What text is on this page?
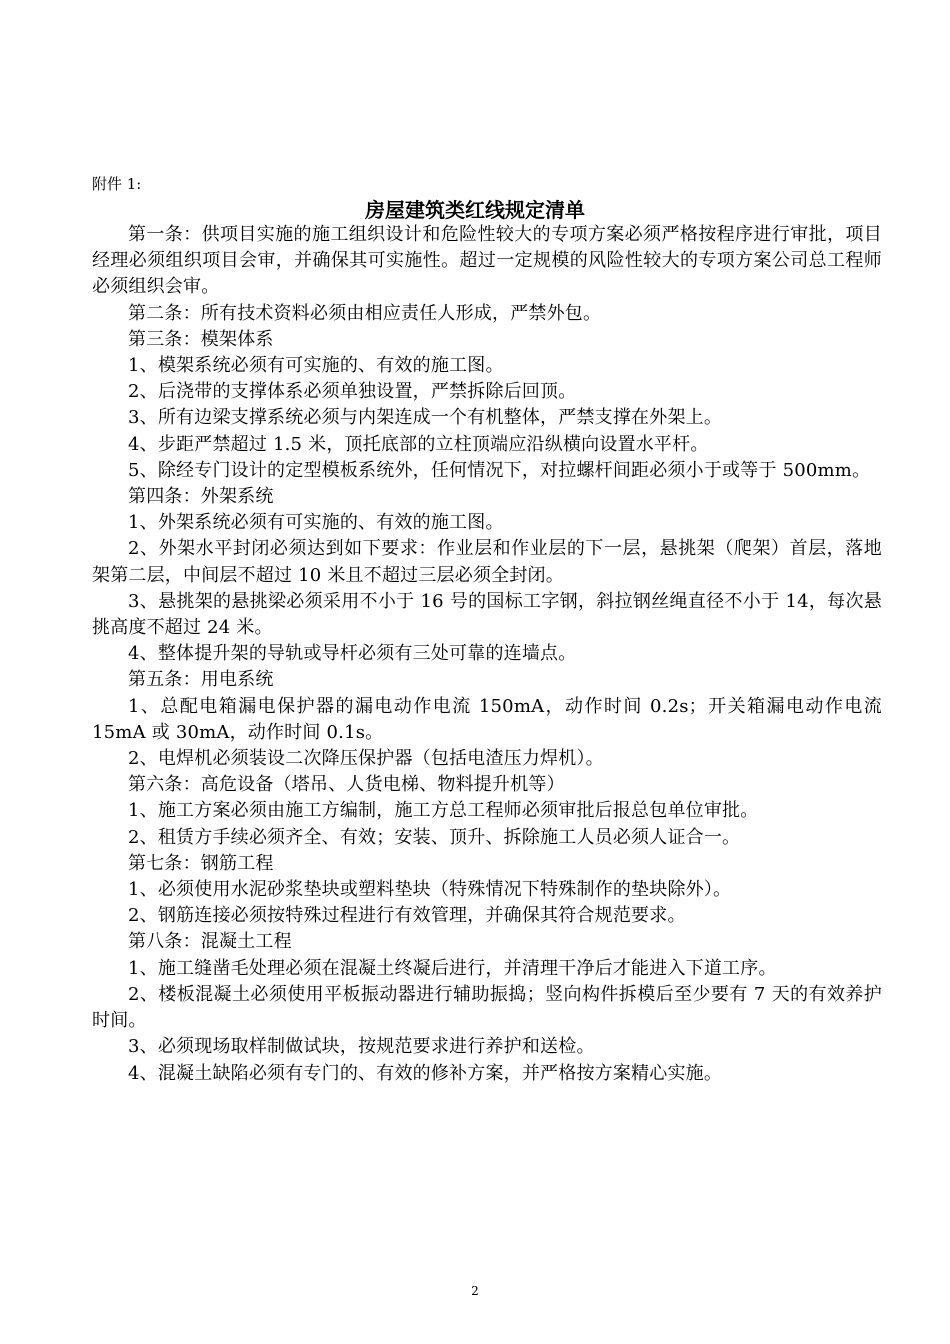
附件 1:
房屋建筑类红线规定清单

第一条：供项目实施的施工组织设计和危险性较大的专项方案必须严格按程序进行审批，项目经理必须组织项目会审，并确保其可实施性。超过一定规模的风险性较大的专项方案公司总工程师必须组织会审。

第二条：所有技术资料必须由相应责任人形成，严禁外包。

第三条：模架体系

1、模架系统必须有可实施的、有效的施工图。

2、后浇带的支撑体系必须单独设置，严禁拆除后回顶。

3、所有边梁支撑系统必须与内架连成一个有机整体，严禁支撑在外架上。

4、步距严禁超过 1.5 米，顶托底部的立柱顶端应沿纵横向设置水平杆。

5、除经专门设计的定型模板系统外，任何情况下，对拉螺杆间距必须小于或等于 500mm。

第四条：外架系统

1、外架系统必须有可实施的、有效的施工图。

2、外架水平封闭必须达到如下要求：作业层和作业层的下一层，悬挑架（爬架）首层，落地架第二层，中间层不超过 10 米且不超过三层必须全封闭。

3、悬挑架的悬挑梁必须采用不小于 16 号的国标工字钢，斜拉钢丝绳直径不小于 14，每次悬挑高度不超过 24 米。

4、整体提升架的导轨或导杆必须有三处可靠的连墙点。

第五条：用电系统

1、总配电箱漏电保护器的漏电动作电流 150mA，动作时间 0.2s；开关箱漏电动作电流 15mA 或 30mA，动作时间 0.1s。

2、电焊机必须装设二次降压保护器（包括电渣压力焊机）。

第六条：高危设备（塔吊、人货电梯、物料提升机等）

1、施工方案必须由施工方编制，施工方总工程师必须审批后报总包单位审批。

2、租赁方手续必须齐全、有效；安装、顶升、拆除施工人员必须人证合一。

第七条：钢筋工程

1、必须使用水泥砂浆垫块或塑料垫块（特殊情况下特殊制作的垫块除外）。

2、钢筋连接必须按特殊过程进行有效管理，并确保其符合规范要求。

第八条：混凝土工程

1、施工缝凿毛处理必须在混凝土终凝后进行，并清理干净后才能进入下道工序。

2、楼板混凝土必须使用平板振动器进行辅助振捣；竖向构件拆模后至少要有 7 天的有效养护时间。

3、必须现场取样制做试块，按规范要求进行养护和送检。

4、混凝土缺陷必须有专门的、有效的修补方案，并严格按方案精心实施。

2
